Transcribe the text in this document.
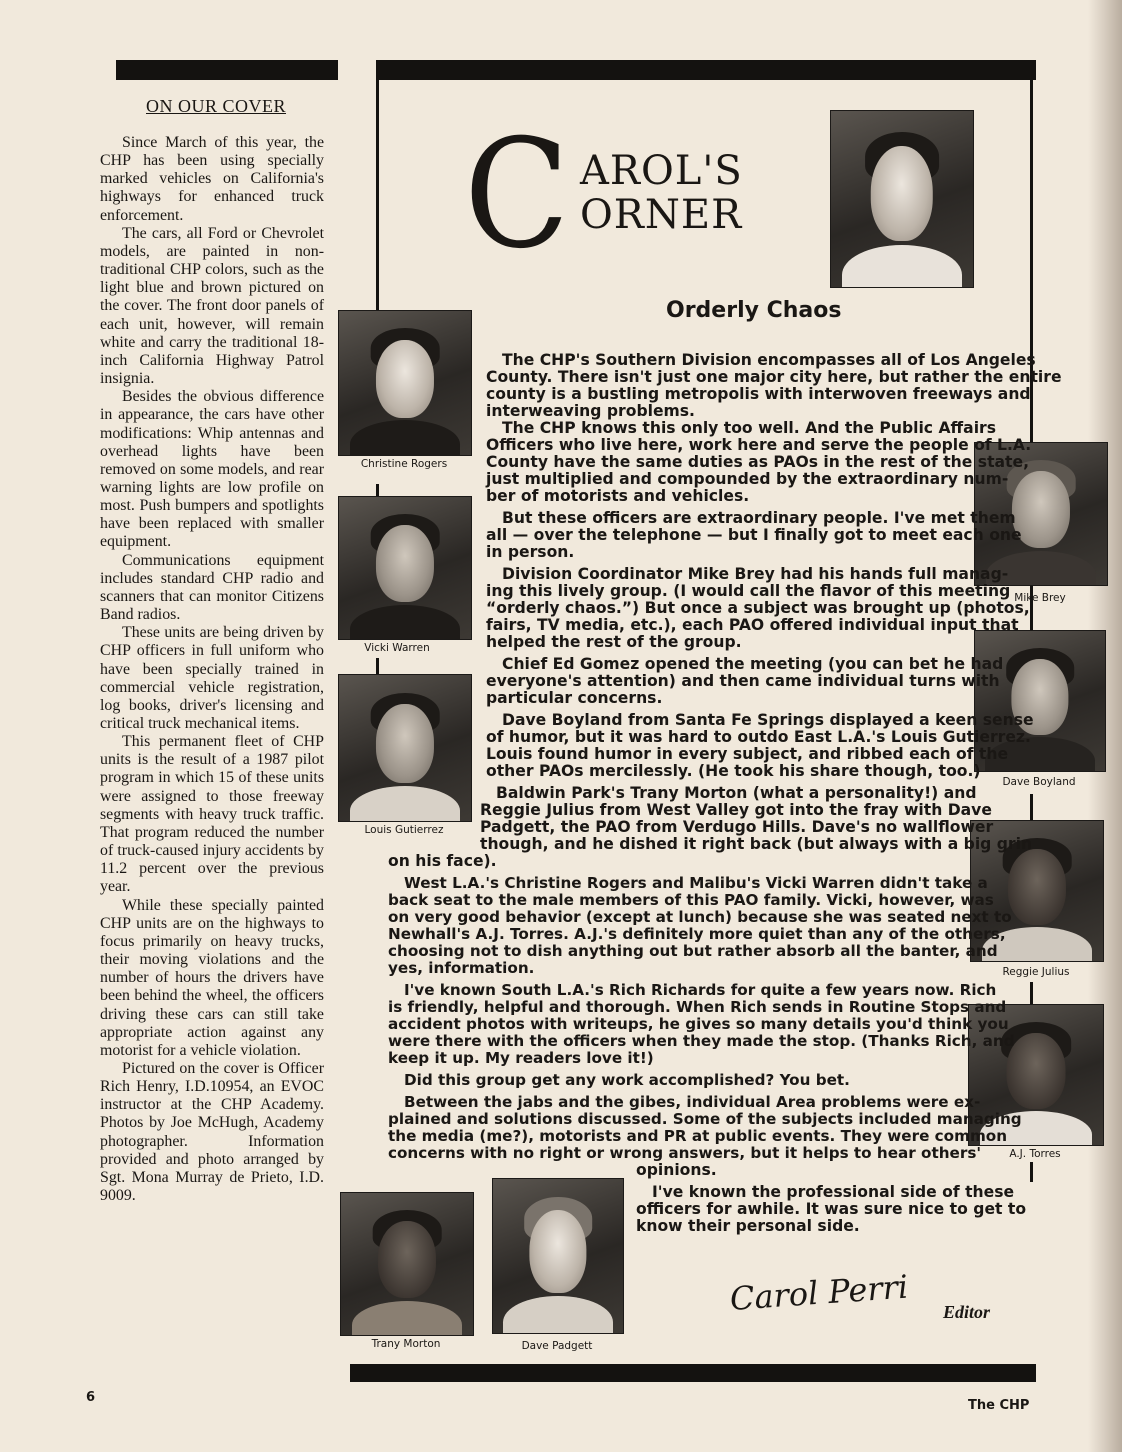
ON OUR COVER

Since March of this year, the CHP has been using specially marked vehicles on California's highways for enhanced truck enforcement.

The cars, all Ford or Chevrolet models, are painted in non-traditional CHP colors, such as the light blue and brown pictured on the cover. The front door panels of each unit, however, will remain white and carry the traditional 18-inch California Highway Patrol insignia.

Besides the obvious difference in appearance, the cars have other modifications: Whip antennas and overhead lights have been removed on some models, and rear warning lights are low profile on most. Push bumpers and spotlights have been replaced with smaller equipment.

Communications equipment includes standard CHP radio and scanners that can monitor Citizens Band radios.

These units are being driven by CHP officers in full uniform who have been specially trained in commercial vehicle registration, log books, driver's licensing and critical truck mechanical items.

This permanent fleet of CHP units is the result of a 1987 pilot program in which 15 of these units were assigned to those freeway segments with heavy truck traffic. That program reduced the number of truck-caused injury accidents by 11.2 percent over the previous year.

While these specially painted CHP units are on the highways to focus primarily on heavy trucks, their moving violations and the number of hours the drivers have been behind the wheel, the officers driving these cars can still take appropriate action against any motorist for a vehicle violation.

Pictured on the cover is Officer Rich Henry, I.D.10954, an EVOC instructor at the CHP Academy. Photos by Joe McHugh, Academy photographer. Information provided and photo arranged by Sgt. Mona Murray de Prieto, I.D. 9009.

C AROL'S
ORNER
Orderly Chaos
Christine Rogers
Vicki Warren
Louis Gutierrez
Mike Brey
Dave Boyland
Reggie Julius
A.J. Torres
Trany Morton	Dave Padgett
The CHP's Southern Division encompasses all of Los Angeles
County. There isn't just one major city here, but rather the entire
county is a bustling metropolis with interwoven freeways and
interweaving problems.
The CHP knows this only too well. And the Public Affairs
Officers who live here, work here and serve the people of L.A.
County have the same duties as PAOs in the rest of the state,
just multiplied and compounded by the extraordinary num-
ber of motorists and vehicles.
But these officers are extraordinary people. I've met them
all — over the telephone — but I finally got to meet each one
in person.
Division Coordinator Mike Brey had his hands full manag-
ing this lively group. (I would call the flavor of this meeting
“orderly chaos.”) But once a subject was brought up (photos,
fairs, TV media, etc.), each PAO offered individual input that
helped the rest of the group.
Chief Ed Gomez opened the meeting (you can bet he had
everyone's attention) and then came individual turns with
particular concerns.
Dave Boyland from Santa Fe Springs displayed a keen sense
of humor, but it was hard to outdo East L.A.'s Louis Gutierrez.
Louis found humor in every subject, and ribbed each of the
other PAOs mercilessly. (He took his share though, too.)
Baldwin Park's Trany Morton (what a personality!) and
Reggie Julius from West Valley got into the fray with Dave
Padgett, the PAO from Verdugo Hills. Dave's no wallflower
though, and he dished it right back (but always with a big grin
on his face).
West L.A.'s Christine Rogers and Malibu's Vicki Warren didn't take a
back seat to the male members of this PAO family. Vicki, however, was
on very good behavior (except at lunch) because she was seated next to
Newhall's A.J. Torres. A.J.'s definitely more quiet than any of the others,
choosing not to dish anything out but rather absorb all the banter, and
yes, information.
I've known South L.A.'s Rich Richards for quite a few years now. Rich
is friendly, helpful and thorough. When Rich sends in Routine Stops and
accident photos with writeups, he gives so many details you'd think you
were there with the officers when they made the stop. (Thanks Rich, and
keep it up. My readers love it!)
Did this group get any work accomplished? You bet.
Between the jabs and the gibes, individual Area problems were ex-
plained and solutions discussed. Some of the subjects included managing
the media (me?), motorists and PR at public events. They were common
concerns with no right or wrong answers, but it helps to hear others'
opinions.
I've known the professional side of these
officers for awhile. It was sure nice to get to
know their personal side.
Carol Perri Editor
6
The CHP
